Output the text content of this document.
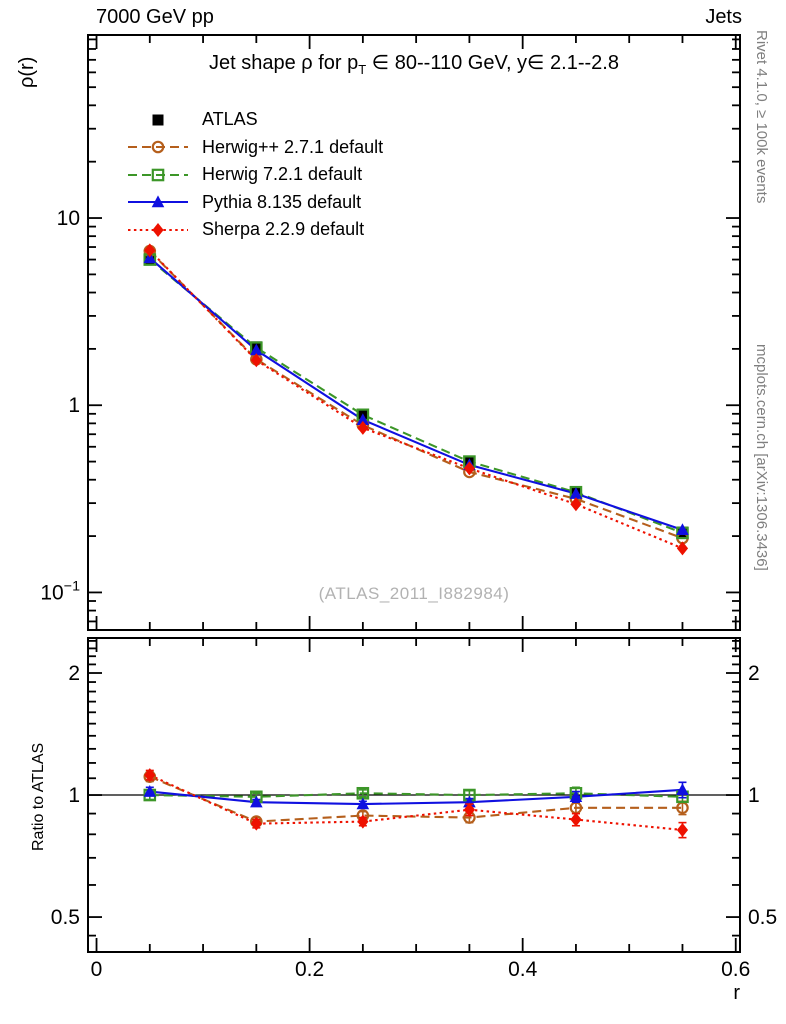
10
1
$10^{-1}$
2	2
1	1
0.5	0.5
0	0.2	0.4	0.6
7000 GeV pp	Jets
Jet shape ρ for $p_T$ ∈ 80--110 GeV, y∈ 2.1--2.8
ATLAS
Herwig++ 2.7.1 default
Herwig 7.2.1 default
Pythia 8.135 default
Sherpa 2.2.9 default
ρ(r)
Ratio to ATLAS
r
(ATLAS_2011_I882984)
Rivet 4.1.0, ≥ 100k events
mcplots.cern.ch [arXiv:1306.3436]
